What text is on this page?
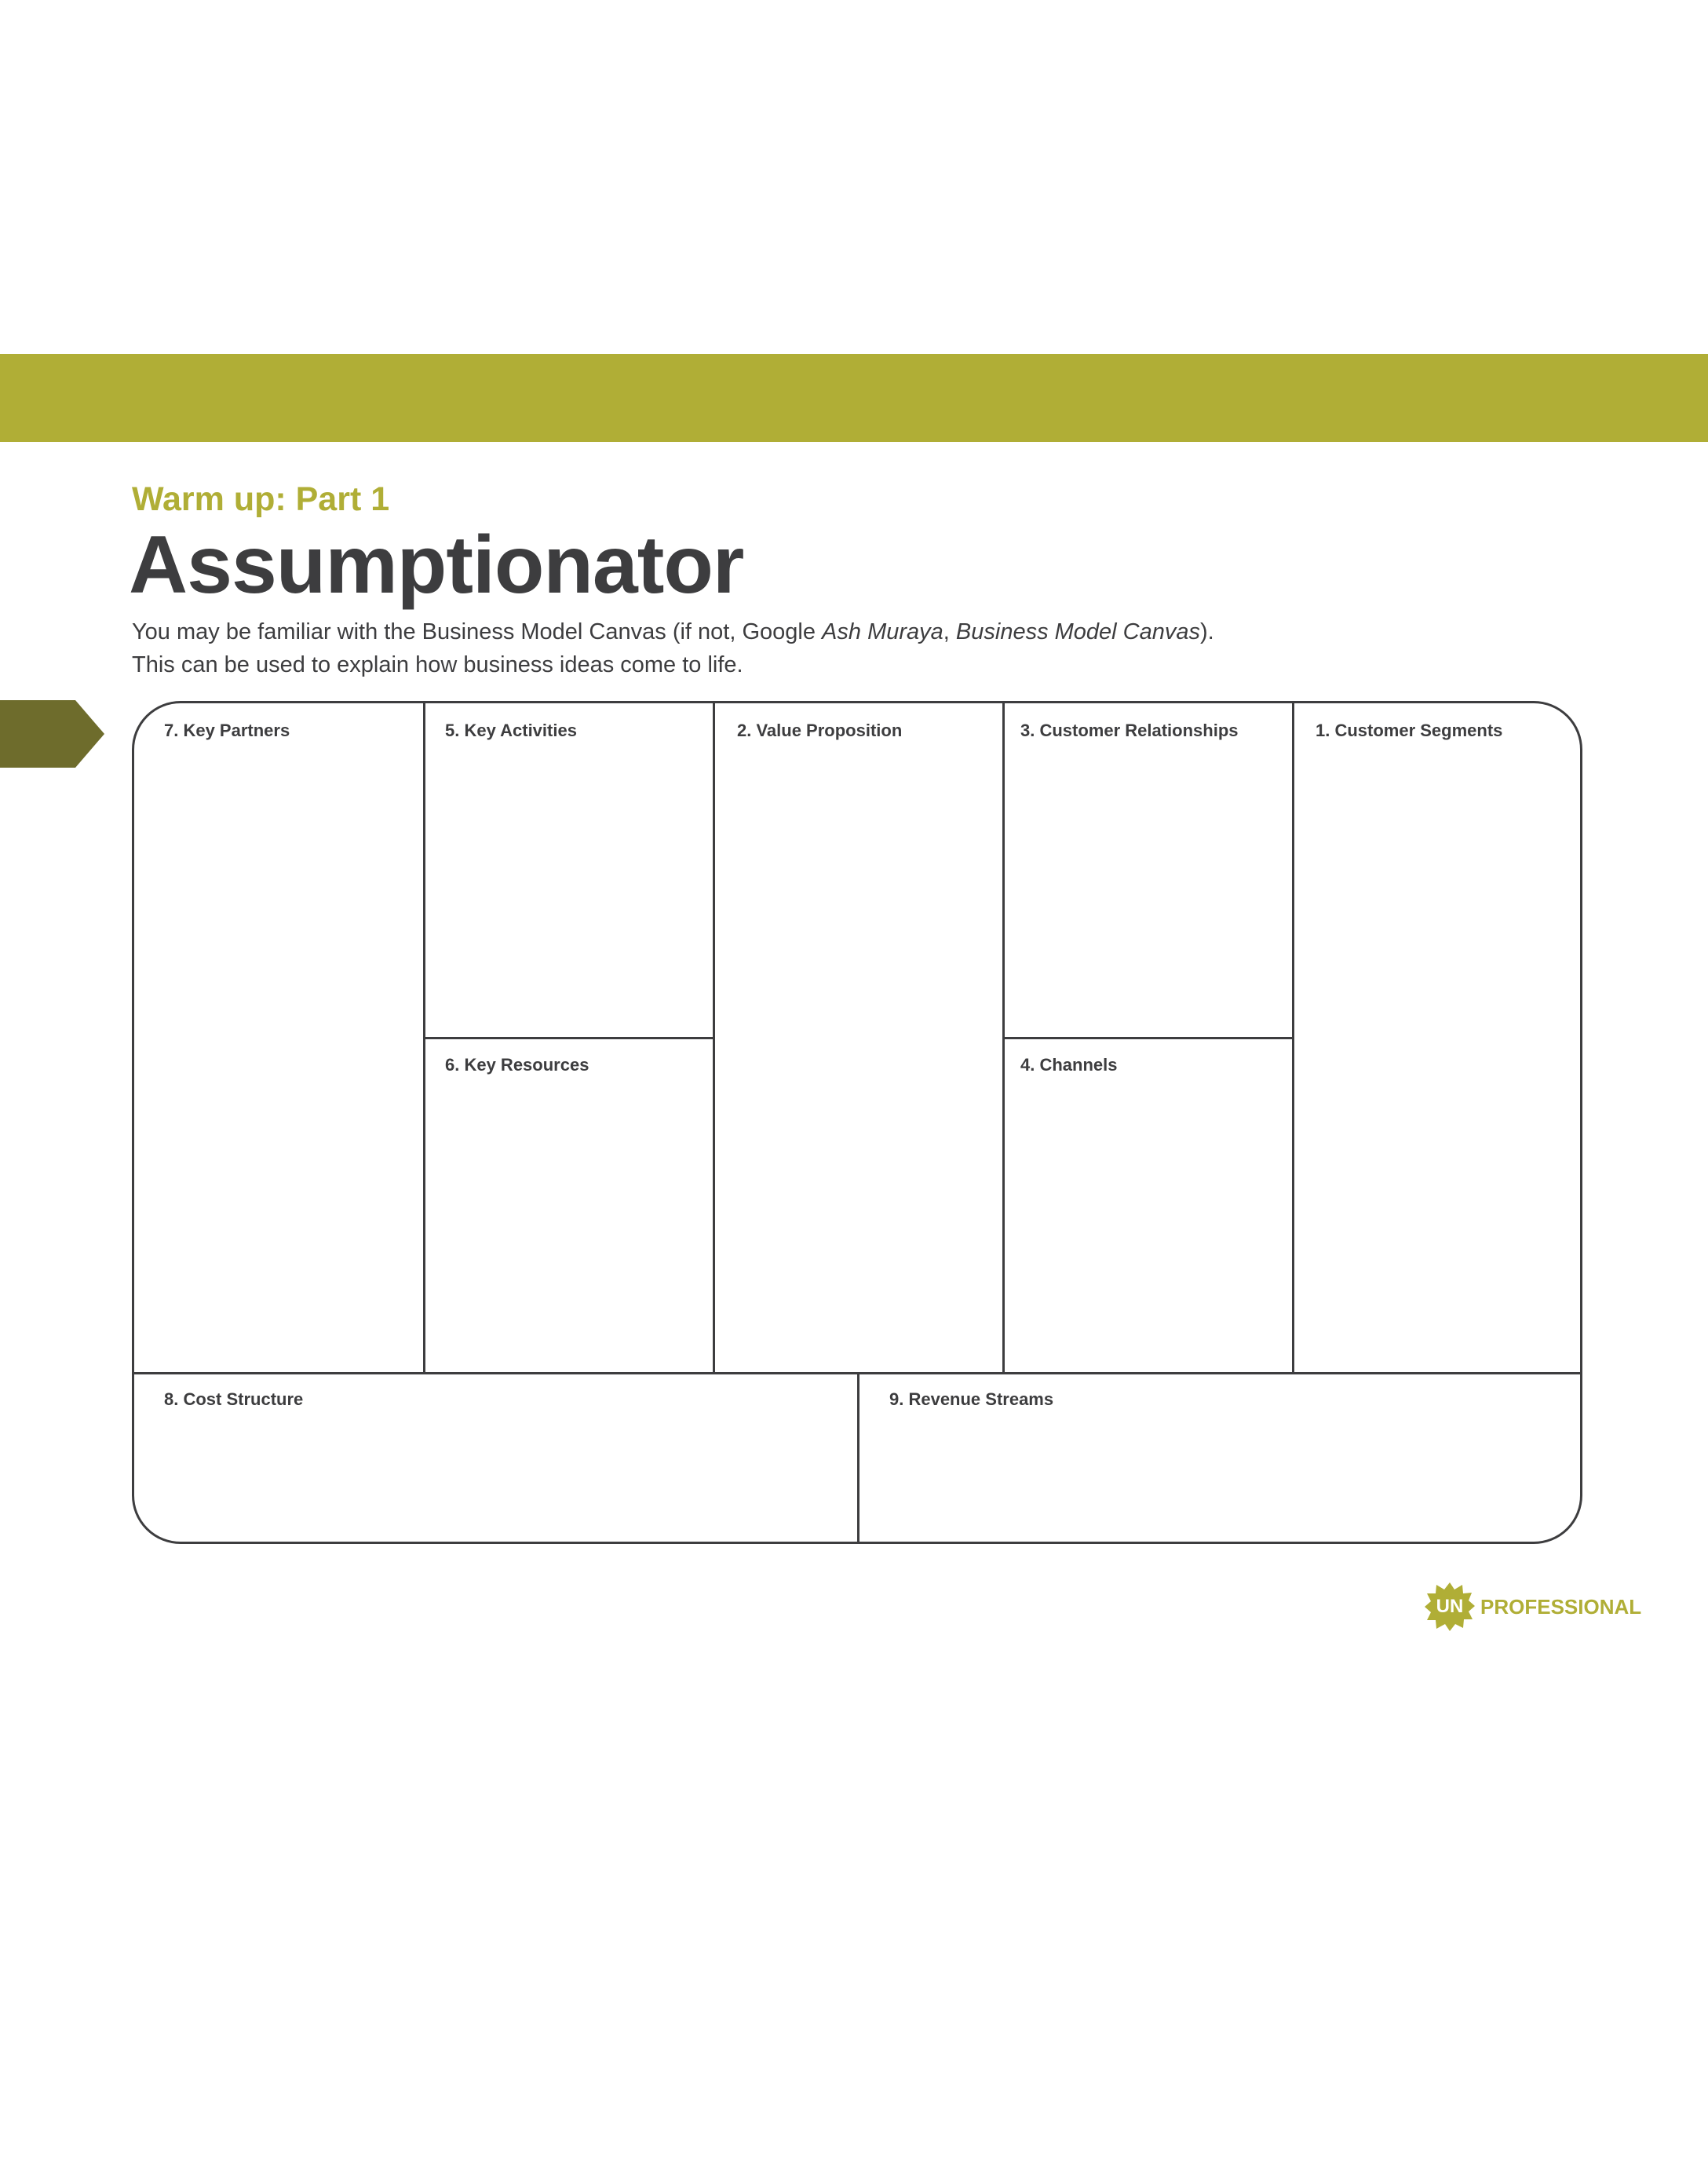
Warm up: Part 1
Assumptionator

You may be familiar with the Business Model Canvas (if not, Google Ash Muraya, Business Model Canvas).

This can be used to explain how business ideas come to life.

7. Key Partners	5. Key Activities
6. Key Resources
2. Value Proposition	3. Customer Relationships
4. Channels
1. Customer Segments
8. Cost Structure	9. Revenue Streams
UN PROFESSIONAL
